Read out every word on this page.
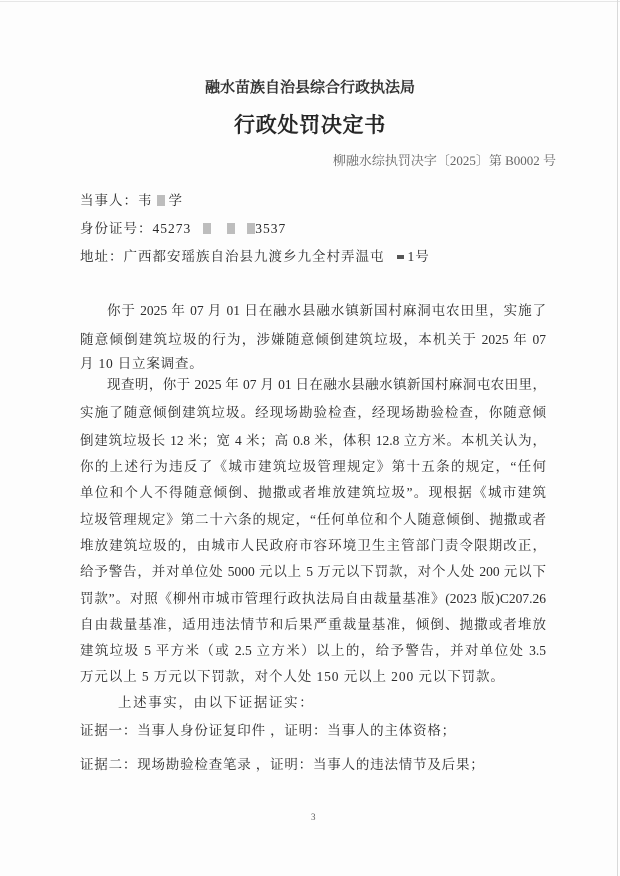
融水苗族自治县综合行政执法局
行政处罚决定书
柳融水综执罚决字〔2025〕第 B0002 号
当事人：韦 学
身份证号：45273	3537
地址：广西都安瑶族自治县九渡乡九全村弄温屯 1号
你于 2025 年 07 月 01 日在融水县融水镇新国村麻洞屯农田里，实施了
随意倾倒建筑垃圾的行为，涉嫌随意倾倒建筑垃圾，本机关于 2025 年 07
月 10 日立案调查。
现查明，你于 2025 年 07 月 01 日在融水县融水镇新国村麻洞屯农田里，
实施了随意倾倒建筑垃圾。经现场勘验检查，经现场勘验检查，你随意倾
倒建筑垃圾长 12 米；宽 4 米；高 0.8 米，体积 12.8 立方米。本机关认为，
你的上述行为违反了《城市建筑垃圾管理规定》第十五条的规定，“任何
单位和个人不得随意倾倒、抛撒或者堆放建筑垃圾”。现根据《城市建筑
垃圾管理规定》第二十六条的规定，“任何单位和个人随意倾倒、抛撒或者
堆放建筑垃圾的，由城市人民政府市容环境卫生主管部门责令限期改正，
给予警告，并对单位处 5000 元以上 5 万元以下罚款，对个人处 200 元以下
罚款”。对照《柳州市城市管理行政执法局自由裁量基准》(2023 版)C207.26
自由裁量基准，适用违法情节和后果严重裁量基准，倾倒、抛撒或者堆放
建筑垃圾 5 平方米（或 2.5 立方米）以上的，给予警告，并对单位处 3.5
万元以上 5 万元以下罚款，对个人处 150 元以上 200 元以下罚款。
上述事实，由以下证据证实：
证据一：当事人身份证复印件 ，证明：当事人的主体资格；
证据二：现场勘验检查笔录 ，证明：当事人的违法情节及后果；
3
